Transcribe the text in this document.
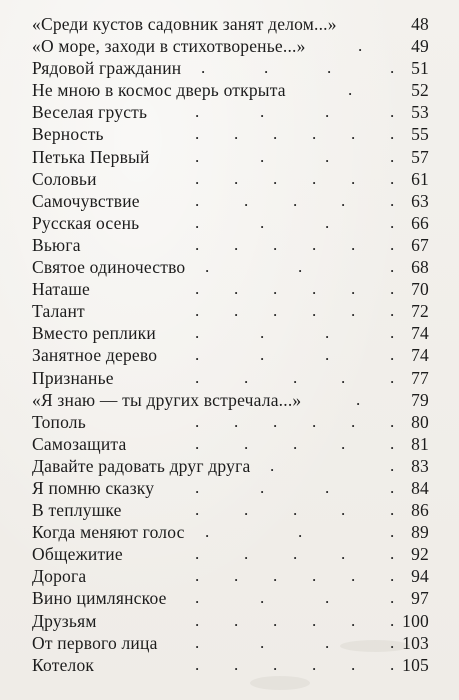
«Среди кустов садовник занят делом...»	48
«О море, заходи в стихотворенье...»	.	49
Рядовой гражданин .	.	.	. 51
Не мною в космос дверь открыта	.	52
Веселая грусть	.	.	.	. 53
Верность	. . . . . . 55
Петька Первый	.	.	.	. 57
Соловьи	. . . . . . 61
Самочувствие	.	.	.	.	. 63
Русская осень	.	.	.	. 66
Вьюга	. . . . . . 67
Святое одиночество .	.	. 68
Наташе	. . . . . . 70
Талант	. . . . . . 72
Вместо реплики .	.	.	. 74
Занятное дерево .	.	.	. 74
Признанье	.	.	.	.	. 77
«Я знаю — ты других встречала...»	.	79
Тополь	. . . . . . 80
Самозащита	.	.	.	.	. 81
Давайте радовать друг друга .	. 83
Я помню сказку .	.	.	. 84
В теплушке	.	.	.	.	. 86
Когда меняют голос .	.	. 89
Общежитие	.	.	.	.	. 92
Дорога	. . . . . . 94
Вино цимлянское .	.	.	. 97
Друзьям	. . . . . . 100
От первого лица .	.	.	. 103
Котелок	. . . . . . 105
